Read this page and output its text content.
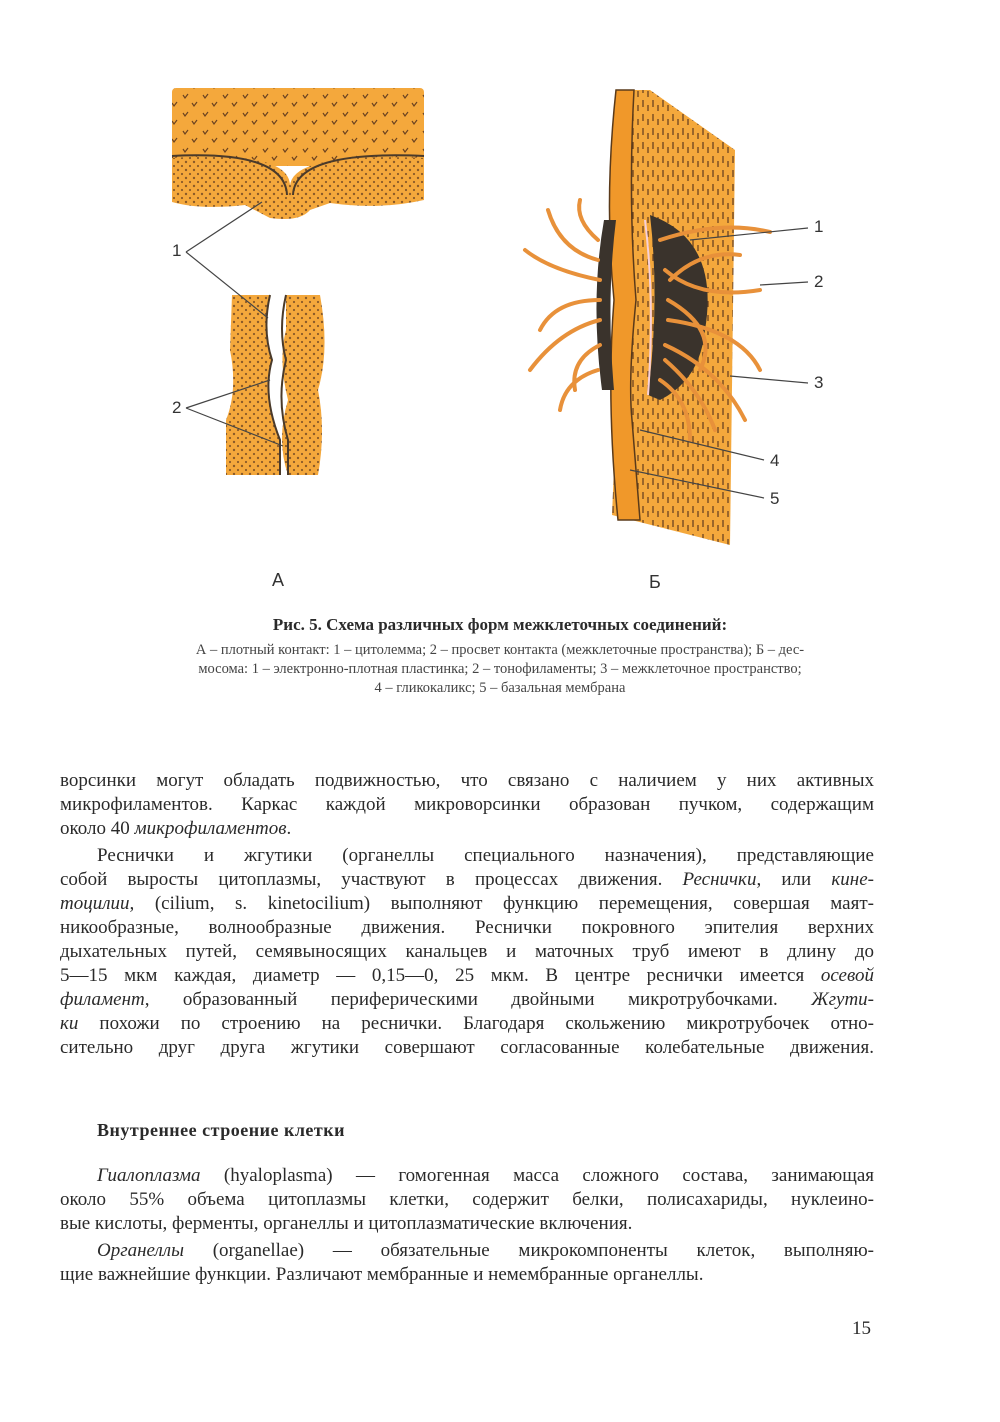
А	Б
1
2
1
2
3
4
5
Рис. 5. Схема различных форм межклеточных соединений:
А – плотный контакт: 1 – цитолемма; 2 – просвет контакта (межклеточные пространства); Б – дес-
мосома: 1 – электронно-плотная пластинка; 2 – тонофиламенты; 3 – межклеточное пространство;
4 – гликокаликс; 5 – базальная мембрана
ворсинки могут обладать подвижностью, что связано с наличием у них активных
микрофиламентов. Каркас каждой микроворсинки образован пучком, содержащим
около 40 микрофиламентов.
Реснички и жгутики (органеллы специального назначения), представляющие
собой выросты цитоплазмы, участвуют в процессах движения. Реснички, или кине-
тоцилии, (cilium, s. kinetocilium) выполняют функцию перемещения, совершая маят-
никообразные, волнообразные движения. Реснички покровного эпителия верхних
дыхательных путей, семявыносящих канальцев и маточных труб имеют в длину до
5—15 мкм каждая, диаметр — 0,15—0, 25 мкм. В центре реснички имеется осевой
филамент, образованный периферическими двойными микротрубочками. Жгути-
ки похожи по строению на реснички. Благодаря скольжению микротрубочек отно-
сительно друг друга жгутики совершают согласованные колебательные движения.
Внутреннее строение клетки
Гиалоплазма (hyaloplasma) — гомогенная масса сложного состава, занимающая
около 55% объема цитоплазмы клетки, содержит белки, полисахариды, нуклеино-
вые кислоты, ферменты, органеллы и цитоплазматические включения.
Органеллы (organellae) — обязательные микрокомпоненты клеток, выполняю-
щие важнейшие функции. Различают мембранные и немембранные органеллы.
15
